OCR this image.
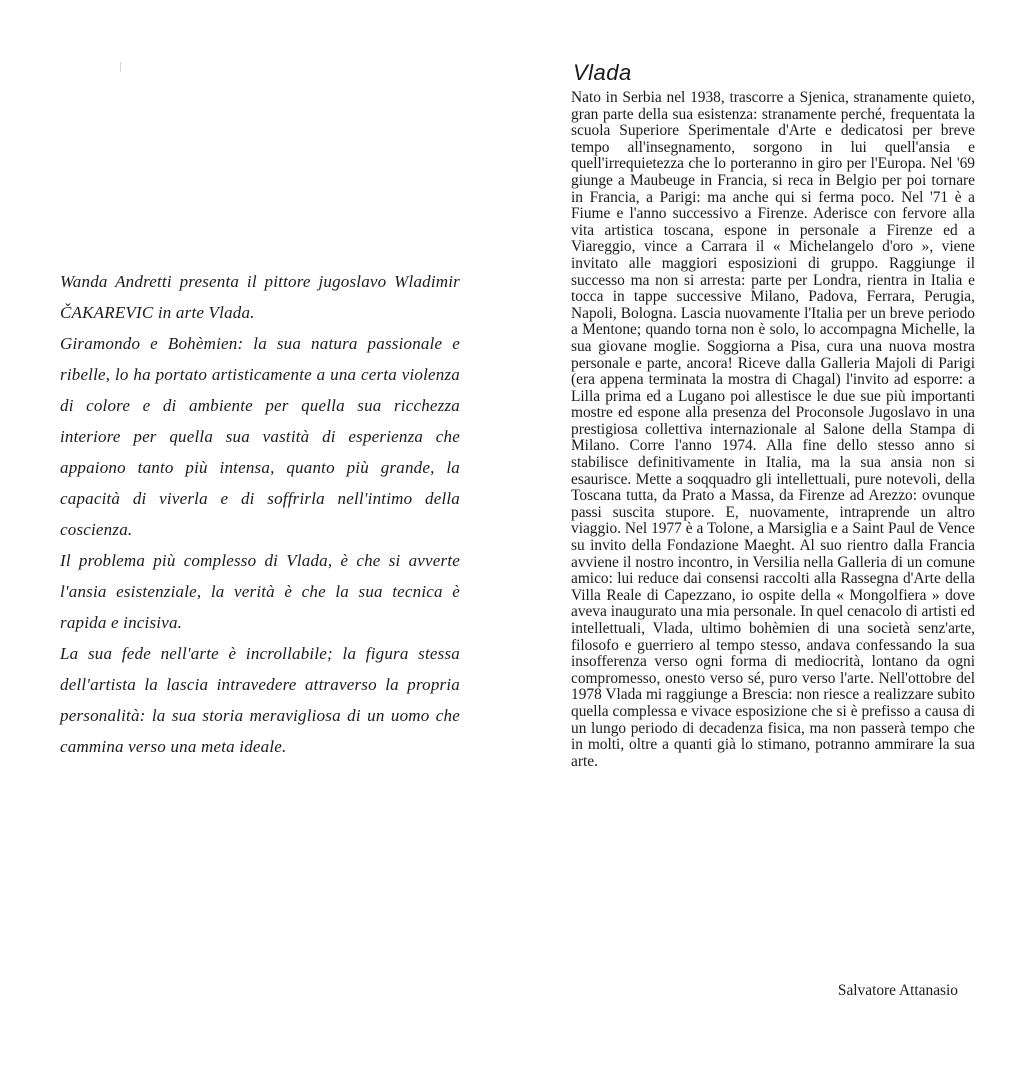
Wanda Andretti presenta il pittore jugoslavo Wladimir ČAKAREVIC in arte Vlada.

Giramondo e Bohèmien: la sua natura passionale e ribelle, lo ha portato artisticamente a una certa violenza di colore e di ambiente per quella sua ricchezza interiore per quella sua vastità di esperienza che appaiono tanto più intensa, quanto più grande, la capacità di viverla e di soffrirla nell'intimo della coscienza.

Il problema più complesso di Vlada, è che si avverte l'ansia esistenziale, la verità è che la sua tecnica è rapida e incisiva.

La sua fede nell'arte è incrollabile; la figura stessa dell'artista la lascia intravedere attraverso la propria personalità: la sua storia meravigliosa di un uomo che cammina verso una meta ideale.

Vlada

Nato in Serbia nel 1938, trascorre a Sjenica, stranamente quieto, gran parte della sua esistenza: stranamente perché, frequentata la scuola Superiore Sperimentale d'Arte e dedicatosi per breve tempo all'insegnamento, sorgono in lui quell'ansia e quell'irrequietezza che lo porteranno in giro per l'Europa. Nel '69 giunge a Maubeuge in Francia, si reca in Belgio per poi tornare in Francia, a Parigi: ma anche qui si ferma poco. Nel '71 è a Fiume e l'anno successivo a Firenze. Aderisce con fervore alla vita artistica toscana, espone in personale a Firenze ed a Viareggio, vince a Carrara il « Michelangelo d'oro », viene invitato alle maggiori esposizioni di gruppo. Raggiunge il successo ma non si arresta: parte per Londra, rientra in Italia e tocca in tappe successive Milano, Padova, Ferrara, Perugia, Napoli, Bologna. Lascia nuovamente l'Italia per un breve periodo a Mentone; quando torna non è solo, lo accompagna Michelle, la sua giovane moglie. Soggiorna a Pisa, cura una nuova mostra personale e parte, ancora! Riceve dalla Galleria Majoli di Parigi (era appena terminata la mostra di Chagal) l'invito ad esporre: a Lilla prima ed a Lugano poi allestisce le due sue più importanti mostre ed espone alla presenza del Proconsole Jugoslavo in una prestigiosa collettiva internazionale al Salone della Stampa di Milano. Corre l'anno 1974. Alla fine dello stesso anno si stabilisce definitivamente in Italia, ma la sua ansia non si esaurisce. Mette a soqquadro gli intellettuali, pure notevoli, della Toscana tutta, da Prato a Massa, da Firenze ad Arezzo: ovunque passi suscita stupore. E, nuovamente, intraprende un altro viaggio. Nel 1977 è a Tolone, a Marsiglia e a Saint Paul de Vence su invito della Fondazione Maeght. Al suo rientro dalla Francia avviene il nostro incontro, in Versilia nella Galleria di un comune amico: lui reduce dai consensi raccolti alla Rassegna d'Arte della Villa Reale di Capezzano, io ospite della « Mongolfiera » dove aveva inaugurato una mia personale. In quel cenacolo di artisti ed intellettuali, Vlada, ultimo bohèmien di una società senz'arte, filosofo e guerriero al tempo stesso, andava confessando la sua insofferenza verso ogni forma di mediocrità, lontano da ogni compromesso, onesto verso sé, puro verso l'arte. Nell'ottobre del 1978 Vlada mi raggiunge a Brescia: non riesce a realizzare subito quella complessa e vivace esposizione che si è prefisso a causa di un lungo periodo di decadenza fisica, ma non passerà tempo che in molti, oltre a quanti già lo stimano, potranno ammirare la sua arte.

Salvatore Attanasio
